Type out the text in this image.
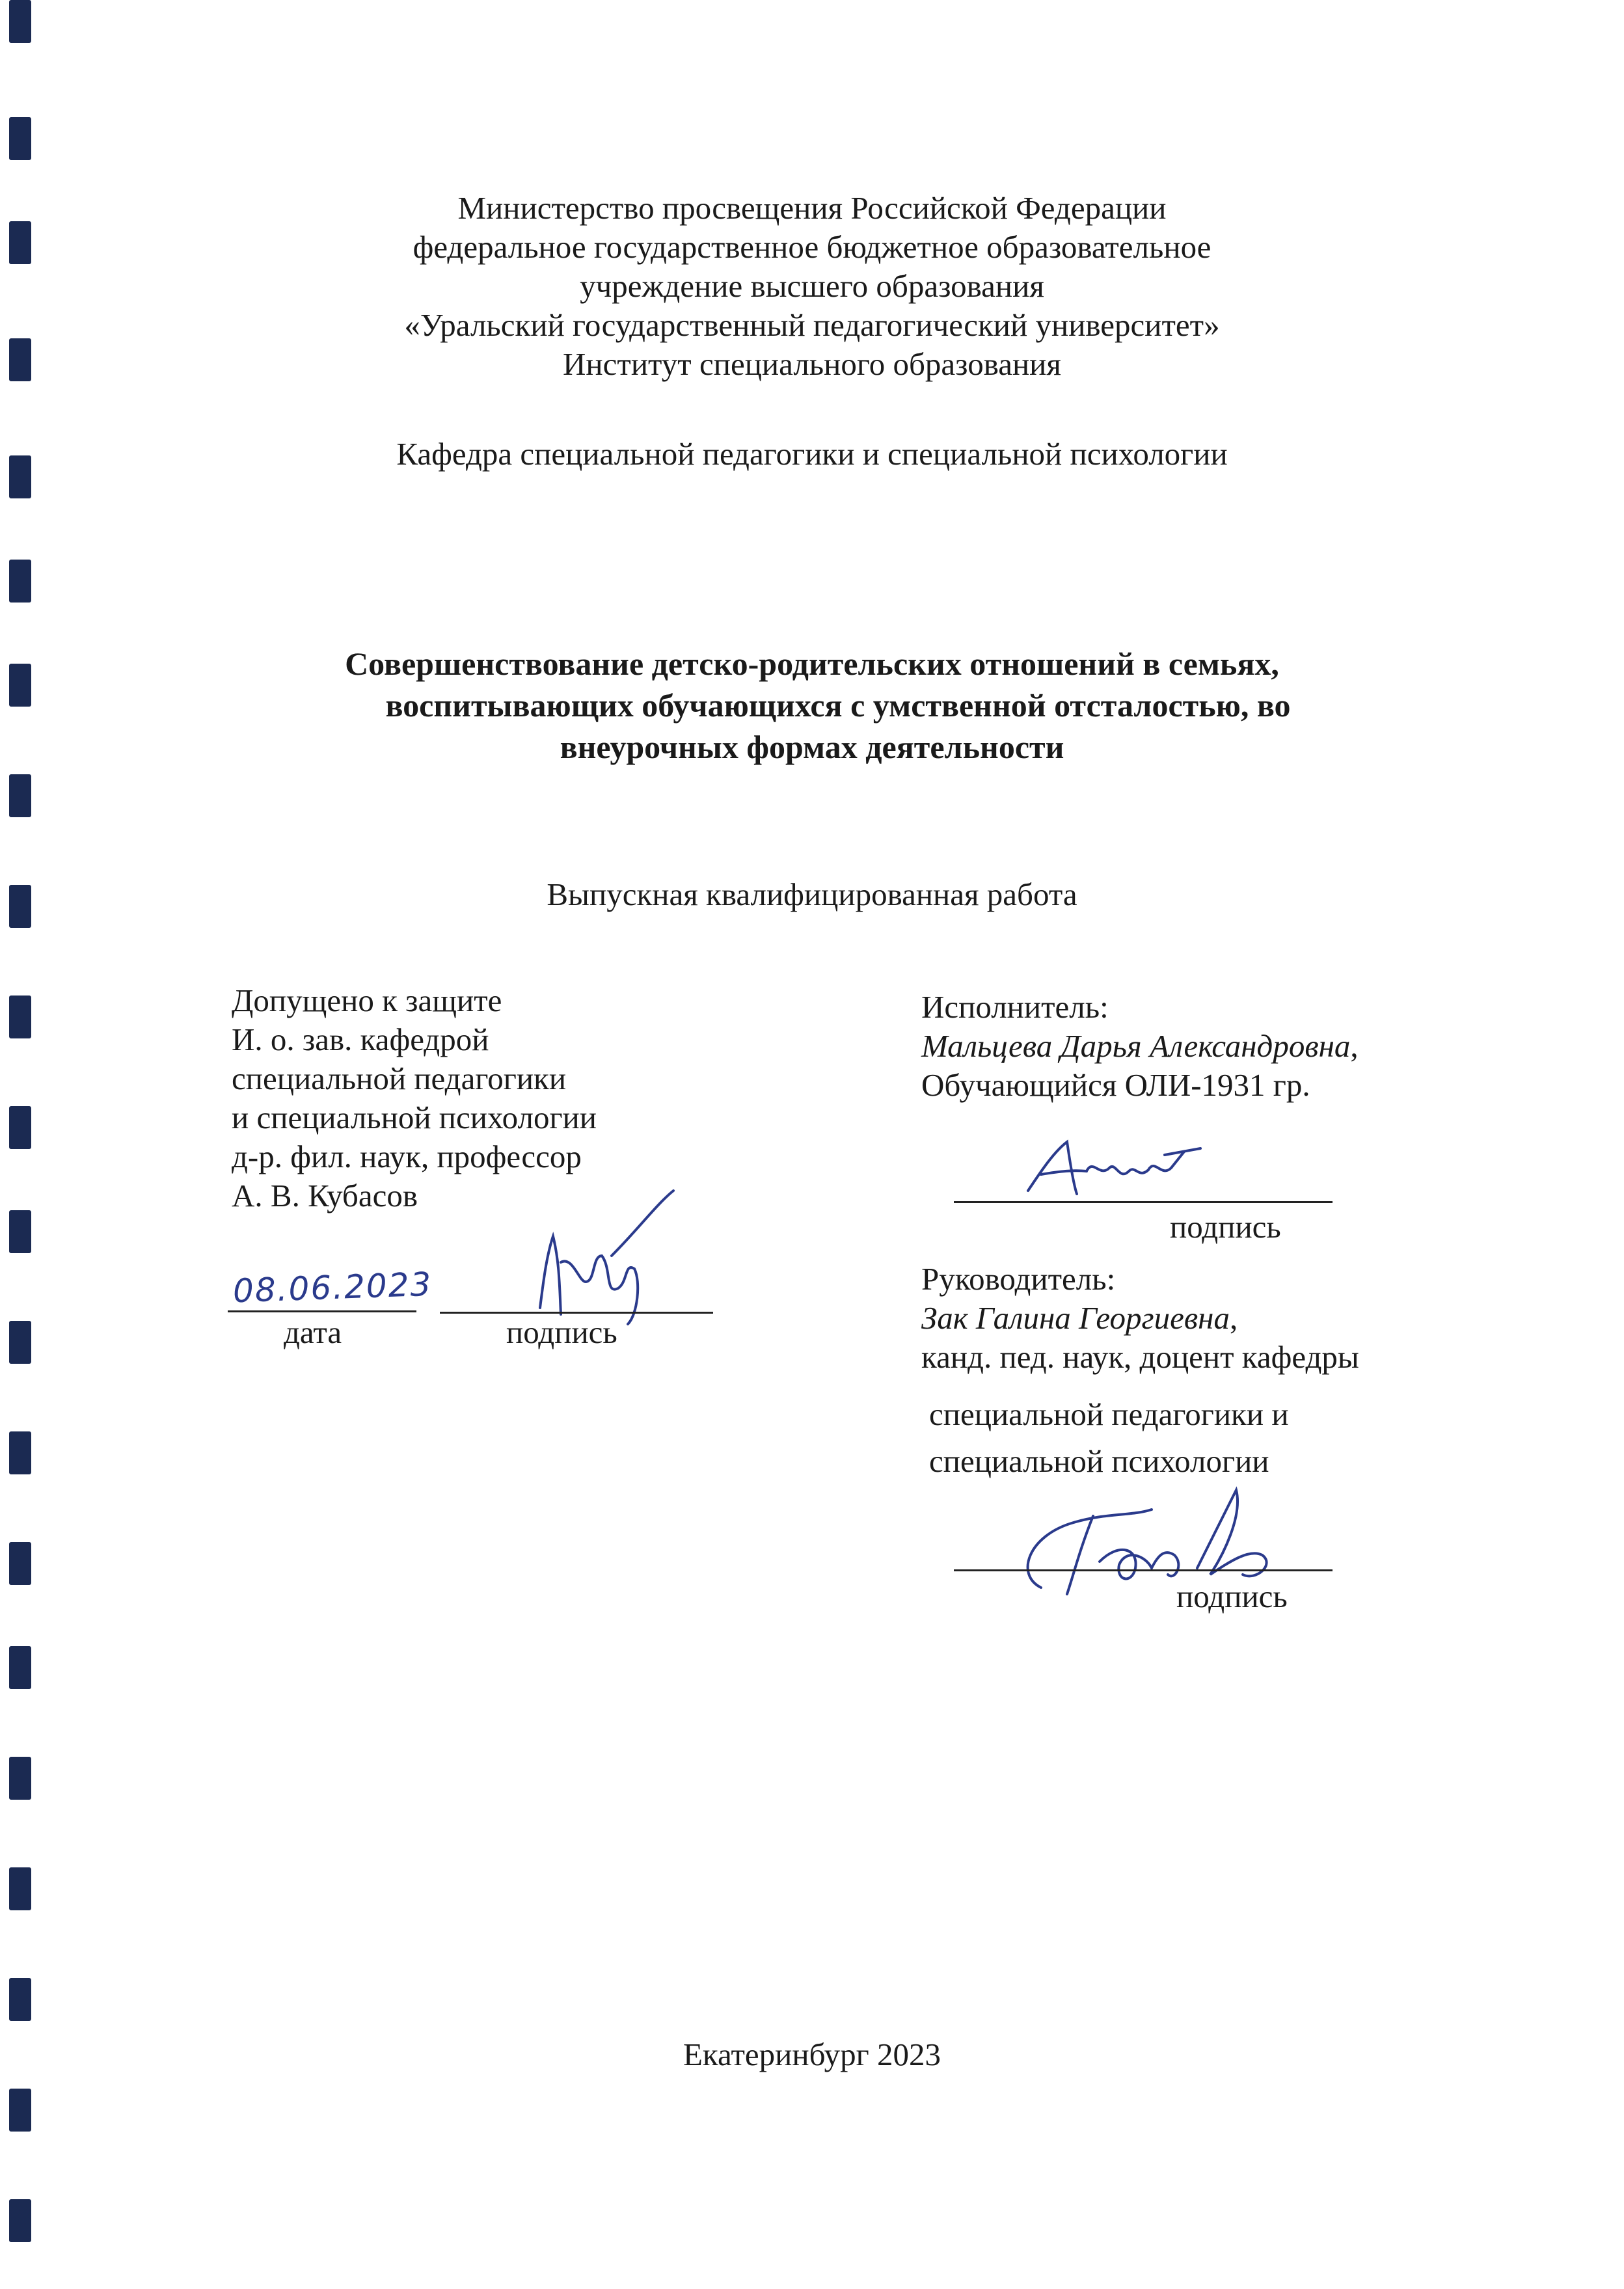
Министерство просвещения Российской Федерации
федеральное государственное бюджетное образовательное
учреждение высшего образования
«Уральский государственный педагогический университет»
Институт специального образования
Кафедра специальной педагогики и специальной психологии
Совершенствование детско-родительских отношений в семьях,
воспитывающих обучающихся с умственной отсталостью, во
внеурочных формах деятельности
Выпускная квалифицированная работа
Допущено к защите
И. о. зав. кафедрой
специальной педагогики
и специальной психологии
д-р. фил. наук, профессор
А. В. Кубасов
08.06.2023
дата	подпись
Исполнитель:
Мальцева Дарья Александровна,
Обучающийся ОЛИ-1931 гр.
подпись
Руководитель:
Зак Галина Георгиевна,
канд. пед. наук, доцент кафедры
специальной педагогики и
специальной психологии
подпись
Екатеринбург 2023
